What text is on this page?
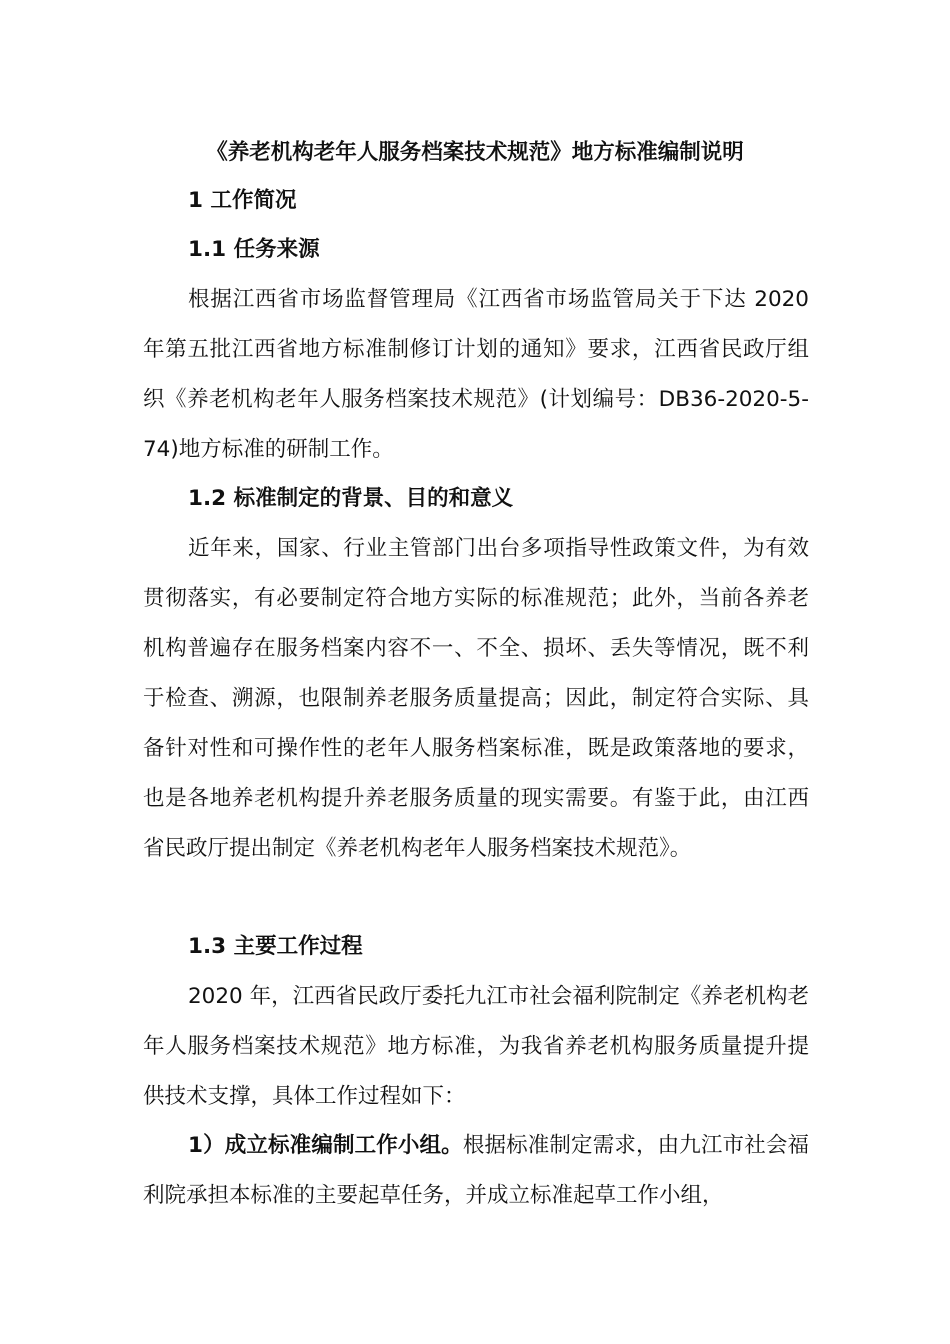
《养老机构老年人服务档案技术规范》地方标准编制说明
1 工作简况
1.1 任务来源

根据江西省市场监督管理局《江西省市场监管局关于下达 2020 年第五批江西省地方标准制修订计划的通知》要求，江西省民政厅组织《养老机构老年人服务档案技术规范》(计划编号：DB36-2020-5-74)地方标准的研制工作。

1.2 标准制定的背景、目的和意义

近年来，国家、行业主管部门出台多项指导性政策文件，为有效贯彻落实，有必要制定符合地方实际的标准规范；此外，当前各养老机构普遍存在服务档案内容不一、不全、损坏、丢失等情况，既不利于检查、溯源，也限制养老服务质量提高；因此，制定符合实际、具备针对性和可操作性的老年人服务档案标准，既是政策落地的要求，也是各地养老机构提升养老服务质量的现实需要。有鉴于此，由江西省民政厅提出制定《养老机构老年人服务档案技术规范》。

1.3 主要工作过程

2020 年，江西省民政厅委托九江市社会福利院制定《养老机构老年人服务档案技术规范》地方标准，为我省养老机构服务质量提升提供技术支撑，具体工作过程如下：

1）成立标准编制工作小组。根据标准制定需求，由九江市社会福利院承担本标准的主要起草任务，并成立标准起草工作小组，
